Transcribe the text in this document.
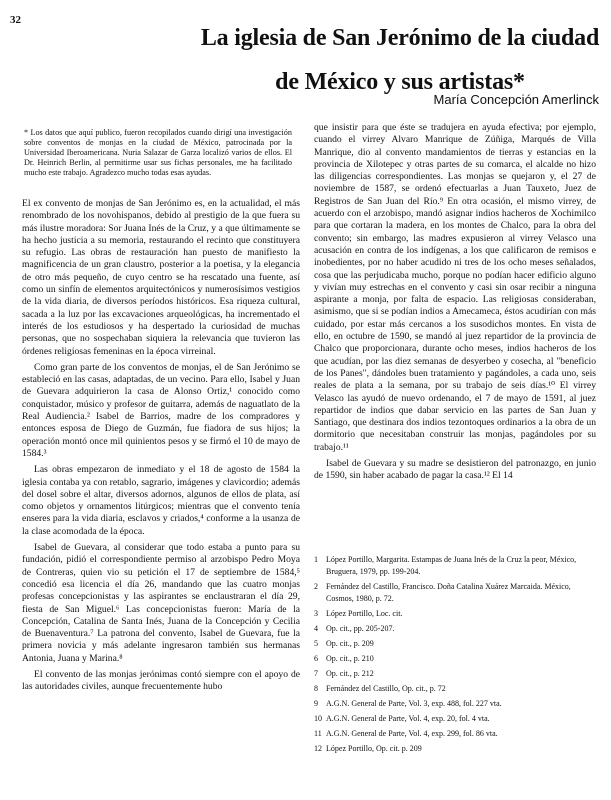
32
La iglesia de San Jerónimo de la ciudad de México y sus artistas*
María Concepción Amerlinck
* Los datos que aquí publico, fueron recopilados cuando dirigí una investigación sobre conventos de monjas en la ciudad de México, patrocinada por la Universidad Iberoamericana. Nuria Salazar de Garza localizó varios de ellos. El Dr. Heinrich Berlin, al permitirme usar sus fichas personales, me ha facilitado mucho este trabajo. Agradezco mucho todas esas ayudas.

El ex convento de monjas de San Jerónimo es, en la actualidad, el más renombrado de los novohispanos, debido al prestigio de la que fuera su más ilustre moradora: Sor Juana Inés de la Cruz, y a que últimamente se ha hecho justicia a su memoria, restaurando el recinto que constituyera su refugio. Las obras de restauración han puesto de manifiesto la magnificencia de un gran claustro, posterior a la poetisa, y la elegancia de otro más pequeño, de cuyo centro se ha rescatado una fuente, así como un sinfín de elementos arquitectónicos y numerosísimos vestigios de la vida diaria, de diversos períodos históricos. Esa riqueza cultural, sacada a la luz por las excavaciones arqueológicas, ha incrementado el interés de los estudiosos y ha despertado la curiosidad de muchas personas, que no sospechaban siquiera la relevancia que tuvieron las órdenes religiosas femeninas en la época virreinal.

Como gran parte de los conventos de monjas, el de San Jerónimo se estableció en las casas, adaptadas, de un vecino. Para ello, Isabel y Juan de Guevara adquirieron la casa de Alonso Ortiz,¹ conocido como conquistador, músico y profesor de guitarra, además de naguatlato de la Real Audiencia.² Isabel de Barrios, madre de los compradores y entonces esposa de Diego de Guzmán, fue fiadora de sus hijos; la operación montó once mil quinientos pesos y se firmó el 10 de mayo de 1584.³

Las obras empezaron de inmediato y el 18 de agosto de 1584 la iglesia contaba ya con retablo, sagrario, imágenes y clavicordio; además del dosel sobre el altar, diversos adornos, algunos de ellos de plata, así como objetos y ornamentos litúrgicos; mientras que el convento tenía enseres para la vida diaria, esclavos y criados,⁴ conforme a la usanza de la clase acomodada de la época.

Isabel de Guevara, al considerar que todo estaba a punto para su fundación, pidió el correspondiente permiso al arzobispo Pedro Moya de Contreras, quien vio su petición el 17 de septiembre de 1584,⁵ concedió esa licencia el día 26, mandando que las cuatro monjas profesas concepcionistas y las aspirantes se enclaustraran el día 29, fiesta de San Miguel.⁶ Las concepcionistas fueron: María de la Concepción, Catalina de Santa Inés, Juana de la Concepción y Cecilia de Buenaventura.⁷ La patrona del convento, Isabel de Guevara, fue la primera novicia y más adelante ingresaron también sus hermanas Antonia, Juana y Marina.⁸

El convento de las monjas jerónimas contó siempre con el apoyo de las autoridades civiles, aunque frecuentemente hubo

que insistir para que éste se tradujera en ayuda efectiva; por ejemplo, cuando el virrey Alvaro Manrique de Zúñiga, Marqués de Villa Manrique, dio al convento mandamientos de tierras y estancias en la provincia de Xilotepec y otras partes de su comarca, el alcalde no hizo las diligencias correspondientes. Las monjas se quejaron y, el 27 de noviembre de 1587, se ordenó efectuarlas a Juan Tauxeto, Juez de Registros de San Juan del Río.⁹ En otra ocasión, el mismo virrey, de acuerdo con el arzobispo, mandó asignar indios hacheros de Xochimilco para que cortaran la madera, en los montes de Chalco, para la obra del convento; sin embargo, las madres expusieron al virrey Velasco una acusación en contra de los indígenas, a los que calificaron de remisos e inobedientes, por no haber acudido ni tres de los ocho meses señalados, cosa que las perjudicaba mucho, porque no podían hacer edificio alguno y vivían muy estrechas en el convento y casi sin osar recibir a ninguna aspirante a monja, por falta de espacio. Las religiosas consideraban, asimismo, que si se podían indios a Amecameca, éstos acudirían con más cuidado, por estar más cercanos a los susodichos montes. En vista de ello, en octubre de 1590, se mandó al juez repartidor de la provincia de Chalco que proporcionara, durante ocho meses, indios hacheros de los que acudían, por las diez semanas de desyerbeo y cosecha, al "beneficio de los Panes", dándoles buen tratamiento y pagándoles, a cada uno, seis reales de plata a la semana, por su trabajo de seis días.¹⁰ El virrey Velasco las ayudó de nuevo ordenando, el 7 de mayo de 1591, al juez repartidor de indios que dabar servicio en las partes de San Juan y Santiago, que destinara dos indios tezontoques ordinarios a la obra de un dormitorio que necesitaban construir las monjas, pagándoles por su trabajo.¹¹

Isabel de Guevara y su madre se desistieron del patronazgo, en junio de 1590, sin haber acabado de pagar la casa.¹² El 14

1	López Portillo, Margarita. Estampas de Juana Inés de la Cruz la peor, México, Bruguera, 1979, pp. 199-204.
2	Fernández del Castillo, Francisco. Doña Catalina Xuárez Marcaida. México, Cosmos, 1980, p. 72.
3	López Portillo, Loc. cit.
4	Op. cit., pp. 205-207.
5	Op. cit., p. 209
6	Op. cit., p. 210
7	Op. cit., p. 212
8	Fernández del Castillo, Op. cit., p. 72
9	A.G.N. General de Parte, Vol. 3, exp. 488, fol. 227 vta.
10 A.G.N. General de Parte, Vol. 4, exp. 20, fol. 4 vta.
11 A.G.N. General de Parte, Vol. 4, exp. 299, fol. 86 vta.
12 López Portillo, Op. cit. p. 209
